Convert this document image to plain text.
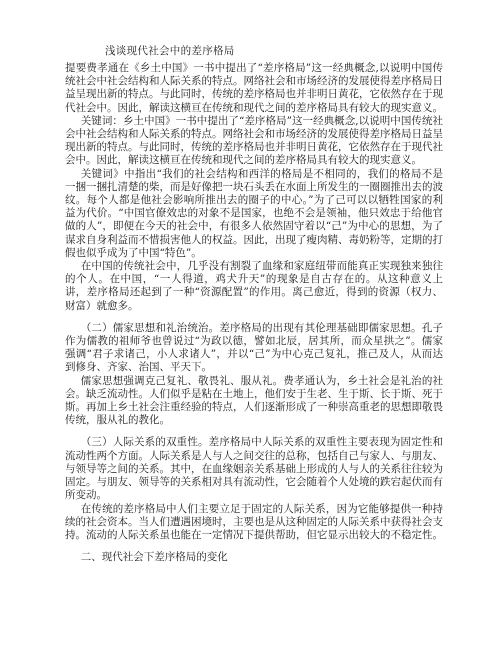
浅谈现代社会中的差序格局

提要费孝通在《乡土中国》一书中提出了“差序格局”这一经典概念,以说明中国传统社会中社会结构和人际关系的特点。网络社会和市场经济的发展使得差序格局日益呈现出新的特点。与此同时，传统的差序格局也并非明日黄花，它依然存在于现代社会中。因此，解读这横亘在传统和现代之间的差序格局具有较大的现实意义。

关键词：乡土中国》一书中提出了“差序格局”这一经典概念,以说明中国传统社会中社会结构和人际关系的特点。网络社会和市场经济的发展使得差序格局日益呈现出新的特点。与此同时，传统的差序格局也并非明日黄花，它依然存在于现代社会中。因此，解读这横亘在传统和现代之间的差序格局具有较大的现实意义。

关键词》中指出“我们的社会结构和西洋的格局是不相同的，我们的格局不是一捆一捆扎清楚的柴，而是好像把一块石头丢在水面上所发生的一圈圈推出去的波纹。每个人都是他社会影响所推出去的圈子的中心。”为了己可以以牺牲国家的利益为代价。“中国官僚效忠的对象不是国家，也绝不会是领袖，他只效忠于给他官做的人”，即便在今天的社会中，有很多人依然固守着以“己”为中心的思想，为了谋求自身利益而不惜损害他人的权益。因此，出现了瘦肉精、毒奶粉等，定期的打假也似乎成为了中国“特色”。

在中国的传统社会中，几乎没有割裂了血缘和家庭纽带而能真正实现独来独往的个人。在中国，“一人得道，鸡犬升天”的现象是自古存在的。从这种意义上讲，差序格局还起到了一种“资源配置”的作用。离己愈近，得到的资源（权力、财富）就愈多。

（二）儒家思想和礼治统治。差序格局的出现有其伦理基础即儒家思想。孔子作为儒教的祖师爷也曾说过“为政以德，譬如北辰，居其所，而众星拱之”。儒家强调“君子求诸己，小人求诸人”，并以“己”为中心克己复礼，推己及人，从而达到修身、齐家、治国、平天下。

儒家思想强调克己复礼、敬畏礼、服从礼。费孝通认为，乡土社会是礼治的社会。缺乏流动性。人们似乎是粘在土地上，他们安于生老、生于斯、长于斯、死于斯。再加上乡土社会注重经验的特点，人们逐渐形成了一种崇高重老的思想即敬畏传统，服从礼的教化。

（三）人际关系的双重性。差序格局中人际关系的双重性主要表现为固定性和流动性两个方面。人际关系是人与人之间交往的总称，包括自己与家人、与朋友、与领导等之间的关系。其中，在血缘姻亲关系基础上形成的人与人的关系往往较为固定。与朋友、领导等的关系相对具有流动性，它会随着个人处境的跌宕起伏而有所变动。

在传统的差序格局中人们主要立足于固定的人际关系，因为它能够提供一种持续的社会资本。当人们遭遇困境时，主要也是从这种固定的人际关系中获得社会支持。流动的人际关系虽也能在一定情况下提供帮助，但它显示出较大的不稳定性。

二、现代社会下差序格局的变化
